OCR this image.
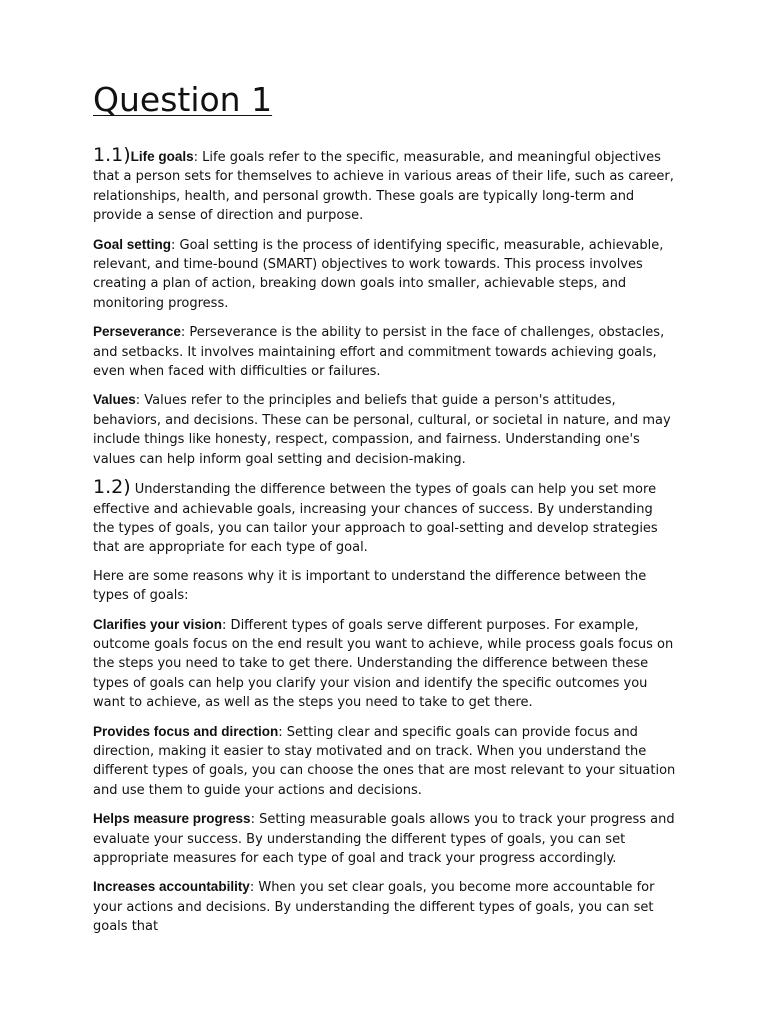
Question 1

1.1)Life goals: Life goals refer to the specific, measurable, and meaningful objectives that a person sets for themselves to achieve in various areas of their life, such as career, relationships, health, and personal growth. These goals are typically long-term and provide a sense of direction and purpose.

Goal setting: Goal setting is the process of identifying specific, measurable, achievable, relevant, and time-bound (SMART) objectives to work towards. This process involves creating a plan of action, breaking down goals into smaller, achievable steps, and monitoring progress.

Perseverance: Perseverance is the ability to persist in the face of challenges, obstacles, and setbacks. It involves maintaining effort and commitment towards achieving goals, even when faced with difficulties or failures.

Values: Values refer to the principles and beliefs that guide a person's attitudes, behaviors, and decisions. These can be personal, cultural, or societal in nature, and may include things like honesty, respect, compassion, and fairness. Understanding one's values can help inform goal setting and decision-making.

1.2) Understanding the difference between the types of goals can help you set more effective and achievable goals, increasing your chances of success. By understanding the types of goals, you can tailor your approach to goal-setting and develop strategies that are appropriate for each type of goal.

Here are some reasons why it is important to understand the difference between the types of goals:

Clarifies your vision: Different types of goals serve different purposes. For example, outcome goals focus on the end result you want to achieve, while process goals focus on the steps you need to take to get there. Understanding the difference between these types of goals can help you clarify your vision and identify the specific outcomes you want to achieve, as well as the steps you need to take to get there.

Provides focus and direction: Setting clear and specific goals can provide focus and direction, making it easier to stay motivated and on track. When you understand the different types of goals, you can choose the ones that are most relevant to your situation and use them to guide your actions and decisions.

Helps measure progress: Setting measurable goals allows you to track your progress and evaluate your success. By understanding the different types of goals, you can set appropriate measures for each type of goal and track your progress accordingly.

Increases accountability: When you set clear goals, you become more accountable for your actions and decisions. By understanding the different types of goals, you can set goals that
